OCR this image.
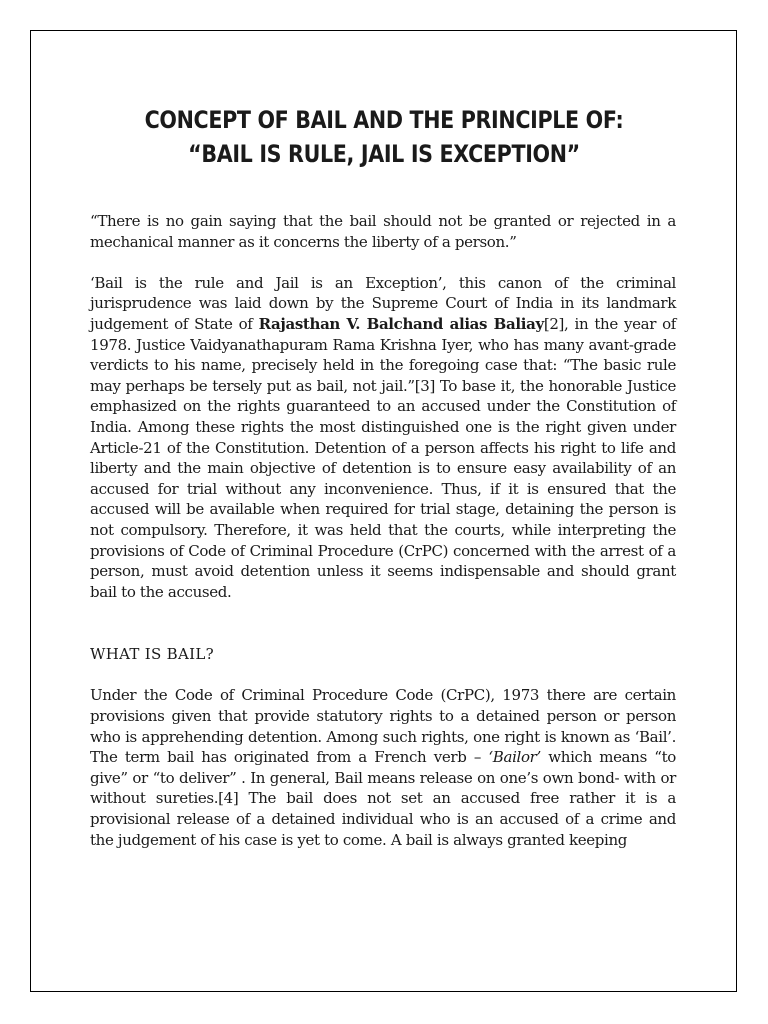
CONCEPT OF BAIL AND THE PRINCIPLE OF:
“BAIL IS RULE, JAIL IS EXCEPTION”

“There is no gain saying that the bail should not be granted or rejected in a mechanical manner as it concerns the liberty of a person.”

‘Bail is the rule and Jail is an Exception’, this canon of the criminal jurisprudence was laid down by the Supreme Court of India in its landmark judgement of State of Rajasthan V. Balchand alias Baliay[2], in the year of 1978. Justice Vaidyanathapuram Rama Krishna Iyer, who has many avant-grade verdicts to his name, precisely held in the foregoing case that: “The basic rule may perhaps be tersely put as bail, not jail.”[3] To base it, the honorable Justice emphasized on the rights guaranteed to an accused under the Constitution of India. Among these rights the most distinguished one is the right given under Article-21 of the Constitution. Detention of a person affects his right to life and liberty and the main objective of detention is to ensure easy availability of an accused for trial without any inconvenience. Thus, if it is ensured that the accused will be available when required for trial stage, detaining the person is not compulsory. Therefore, it was held that the courts, while interpreting the provisions of Code of Criminal Procedure (CrPC) concerned with the arrest of a person, must avoid detention unless it seems indispensable and should grant bail to the accused.

WHAT IS BAIL?

Under the Code of Criminal Procedure Code (CrPC), 1973 there are certain provisions given that provide statutory rights to a detained person or person who is apprehending detention. Among such rights, one right is known as ‘Bail’. The term bail has originated from a French verb – ‘Bailor’ which means “to give” or “to deliver” . In general, Bail means release on one’s own bond- with or without sureties.[4] The bail does not set an accused free rather it is a provisional release of a detained individual who is an accused of a crime and the judgement of his case is yet to come. A bail is always granted keeping
